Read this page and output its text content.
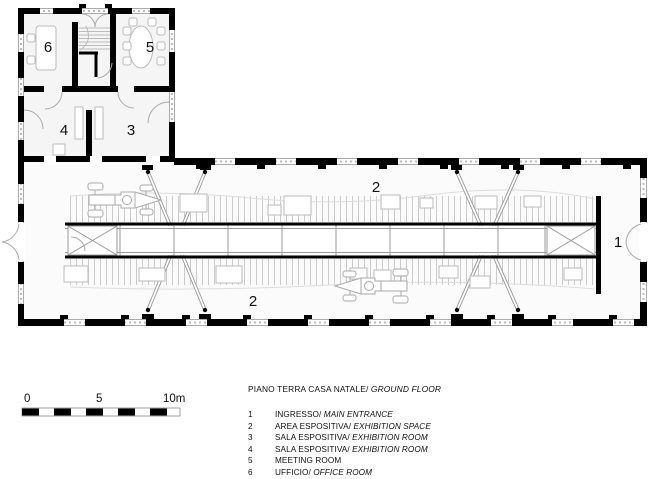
6	5
4	3
2
2
1
0	5	10m
PIANO TERRA CASA NATALE/ GROUND FLOOR
1	INGRESSO/ MAIN ENTRANCE
2	AREA ESPOSITIVA/ EXHIBITION SPACE
3	SALA ESPOSITIVA/ EXHIBITION ROOM
4	SALA ESPOSITIVA/ EXHIBITION ROOM
5	MEETING ROOM
6	UFFICIO/ OFFICE ROOM
